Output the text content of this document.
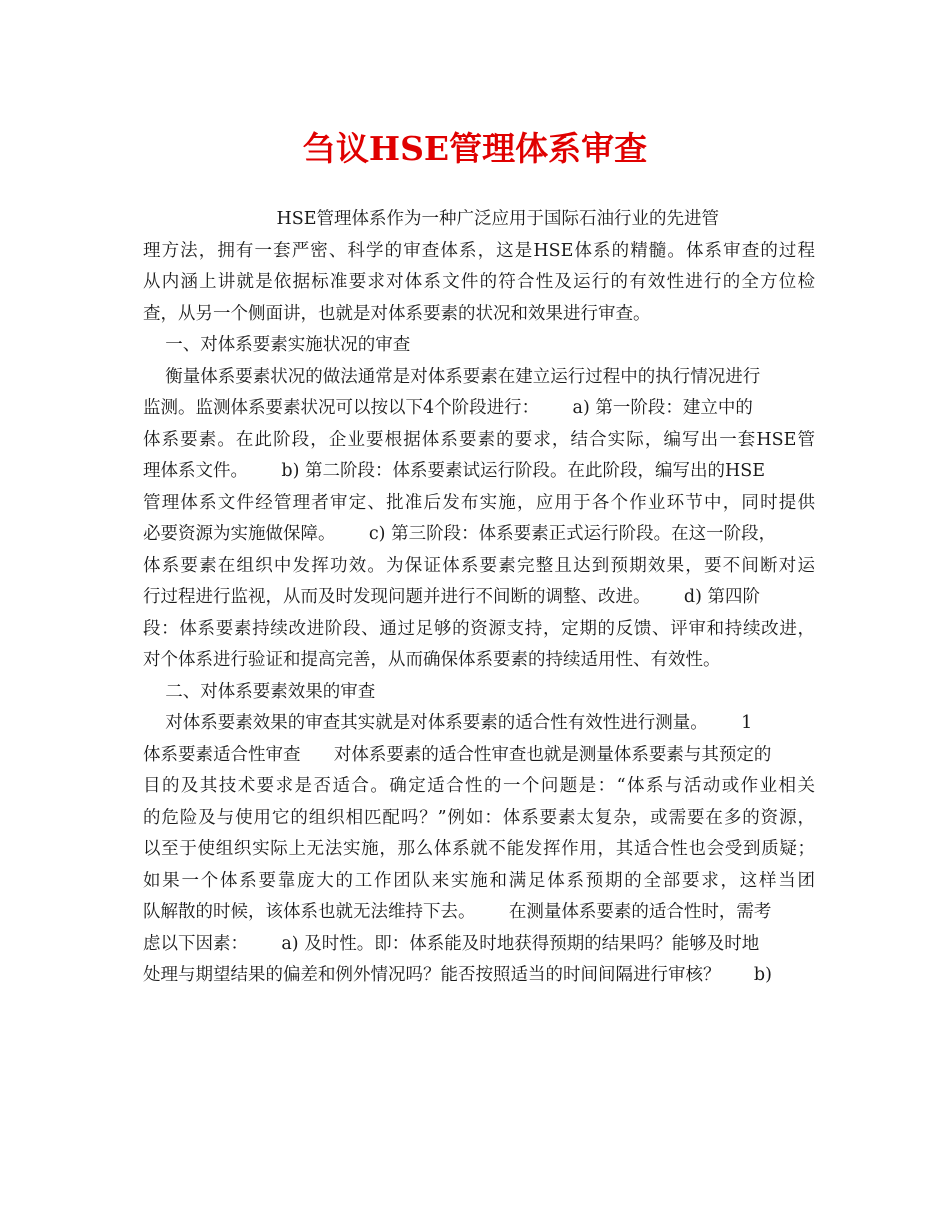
刍议HSE管理体系审查
HSE管理体系作为一种广泛应用于国际石油行业的先进管
理方法，拥有一套严密、科学的审查体系，这是HSE体系的精髓。体系审查的过程
从内涵上讲就是依据标准要求对体系文件的符合性及运行的有效性进行的全方位检
查，从另一个侧面讲，也就是对体系要素的状况和效果进行审查。
一、对体系要素实施状况的审查
衡量体系要素状况的做法通常是对体系要素在建立运行过程中的执行情况进行
监测。监测体系要素状况可以按以下4个阶段进行：      a) 第一阶段：建立中的
体系要素。在此阶段，企业要根据体系要素的要求，结合实际，编写出一套HSE管
理体系文件。      b) 第二阶段：体系要素试运行阶段。在此阶段，编写出的HSE
管理体系文件经管理者审定、批准后发布实施，应用于各个作业环节中，同时提供
必要资源为实施做保障。      c) 第三阶段：体系要素正式运行阶段。在这一阶段，
体系要素在组织中发挥功效。为保证体系要素完整且达到预期效果，要不间断对运
行过程进行监视，从而及时发现问题并进行不间断的调整、改进。      d) 第四阶
段：体系要素持续改进阶段、通过足够的资源支持，定期的反馈、评审和持续改进，
对个体系进行验证和提高完善，从而确保体系要素的持续适用性、有效性。
二、对体系要素效果的审查
对体系要素效果的审查其实就是对体系要素的适合性有效性进行测量。      1
体系要素适合性审查      对体系要素的适合性审查也就是测量体系要素与其预定的
目的及其技术要求是否适合。确定适合性的一个问题是：“体系与活动或作业相关
的危险及与使用它的组织相匹配吗？”例如：体系要素太复杂，或需要在多的资源，
以至于使组织实际上无法实施，那么体系就不能发挥作用，其适合性也会受到质疑；
如果一个体系要靠庞大的工作团队来实施和满足体系预期的全部要求，这样当团
队解散的时候，该体系也就无法维持下去。      在测量体系要素的适合性时，需考
虑以下因素：      a) 及时性。即：体系能及时地获得预期的结果吗？能够及时地
处理与期望结果的偏差和例外情况吗？能否按照适当的时间间隔进行审核？      b)
